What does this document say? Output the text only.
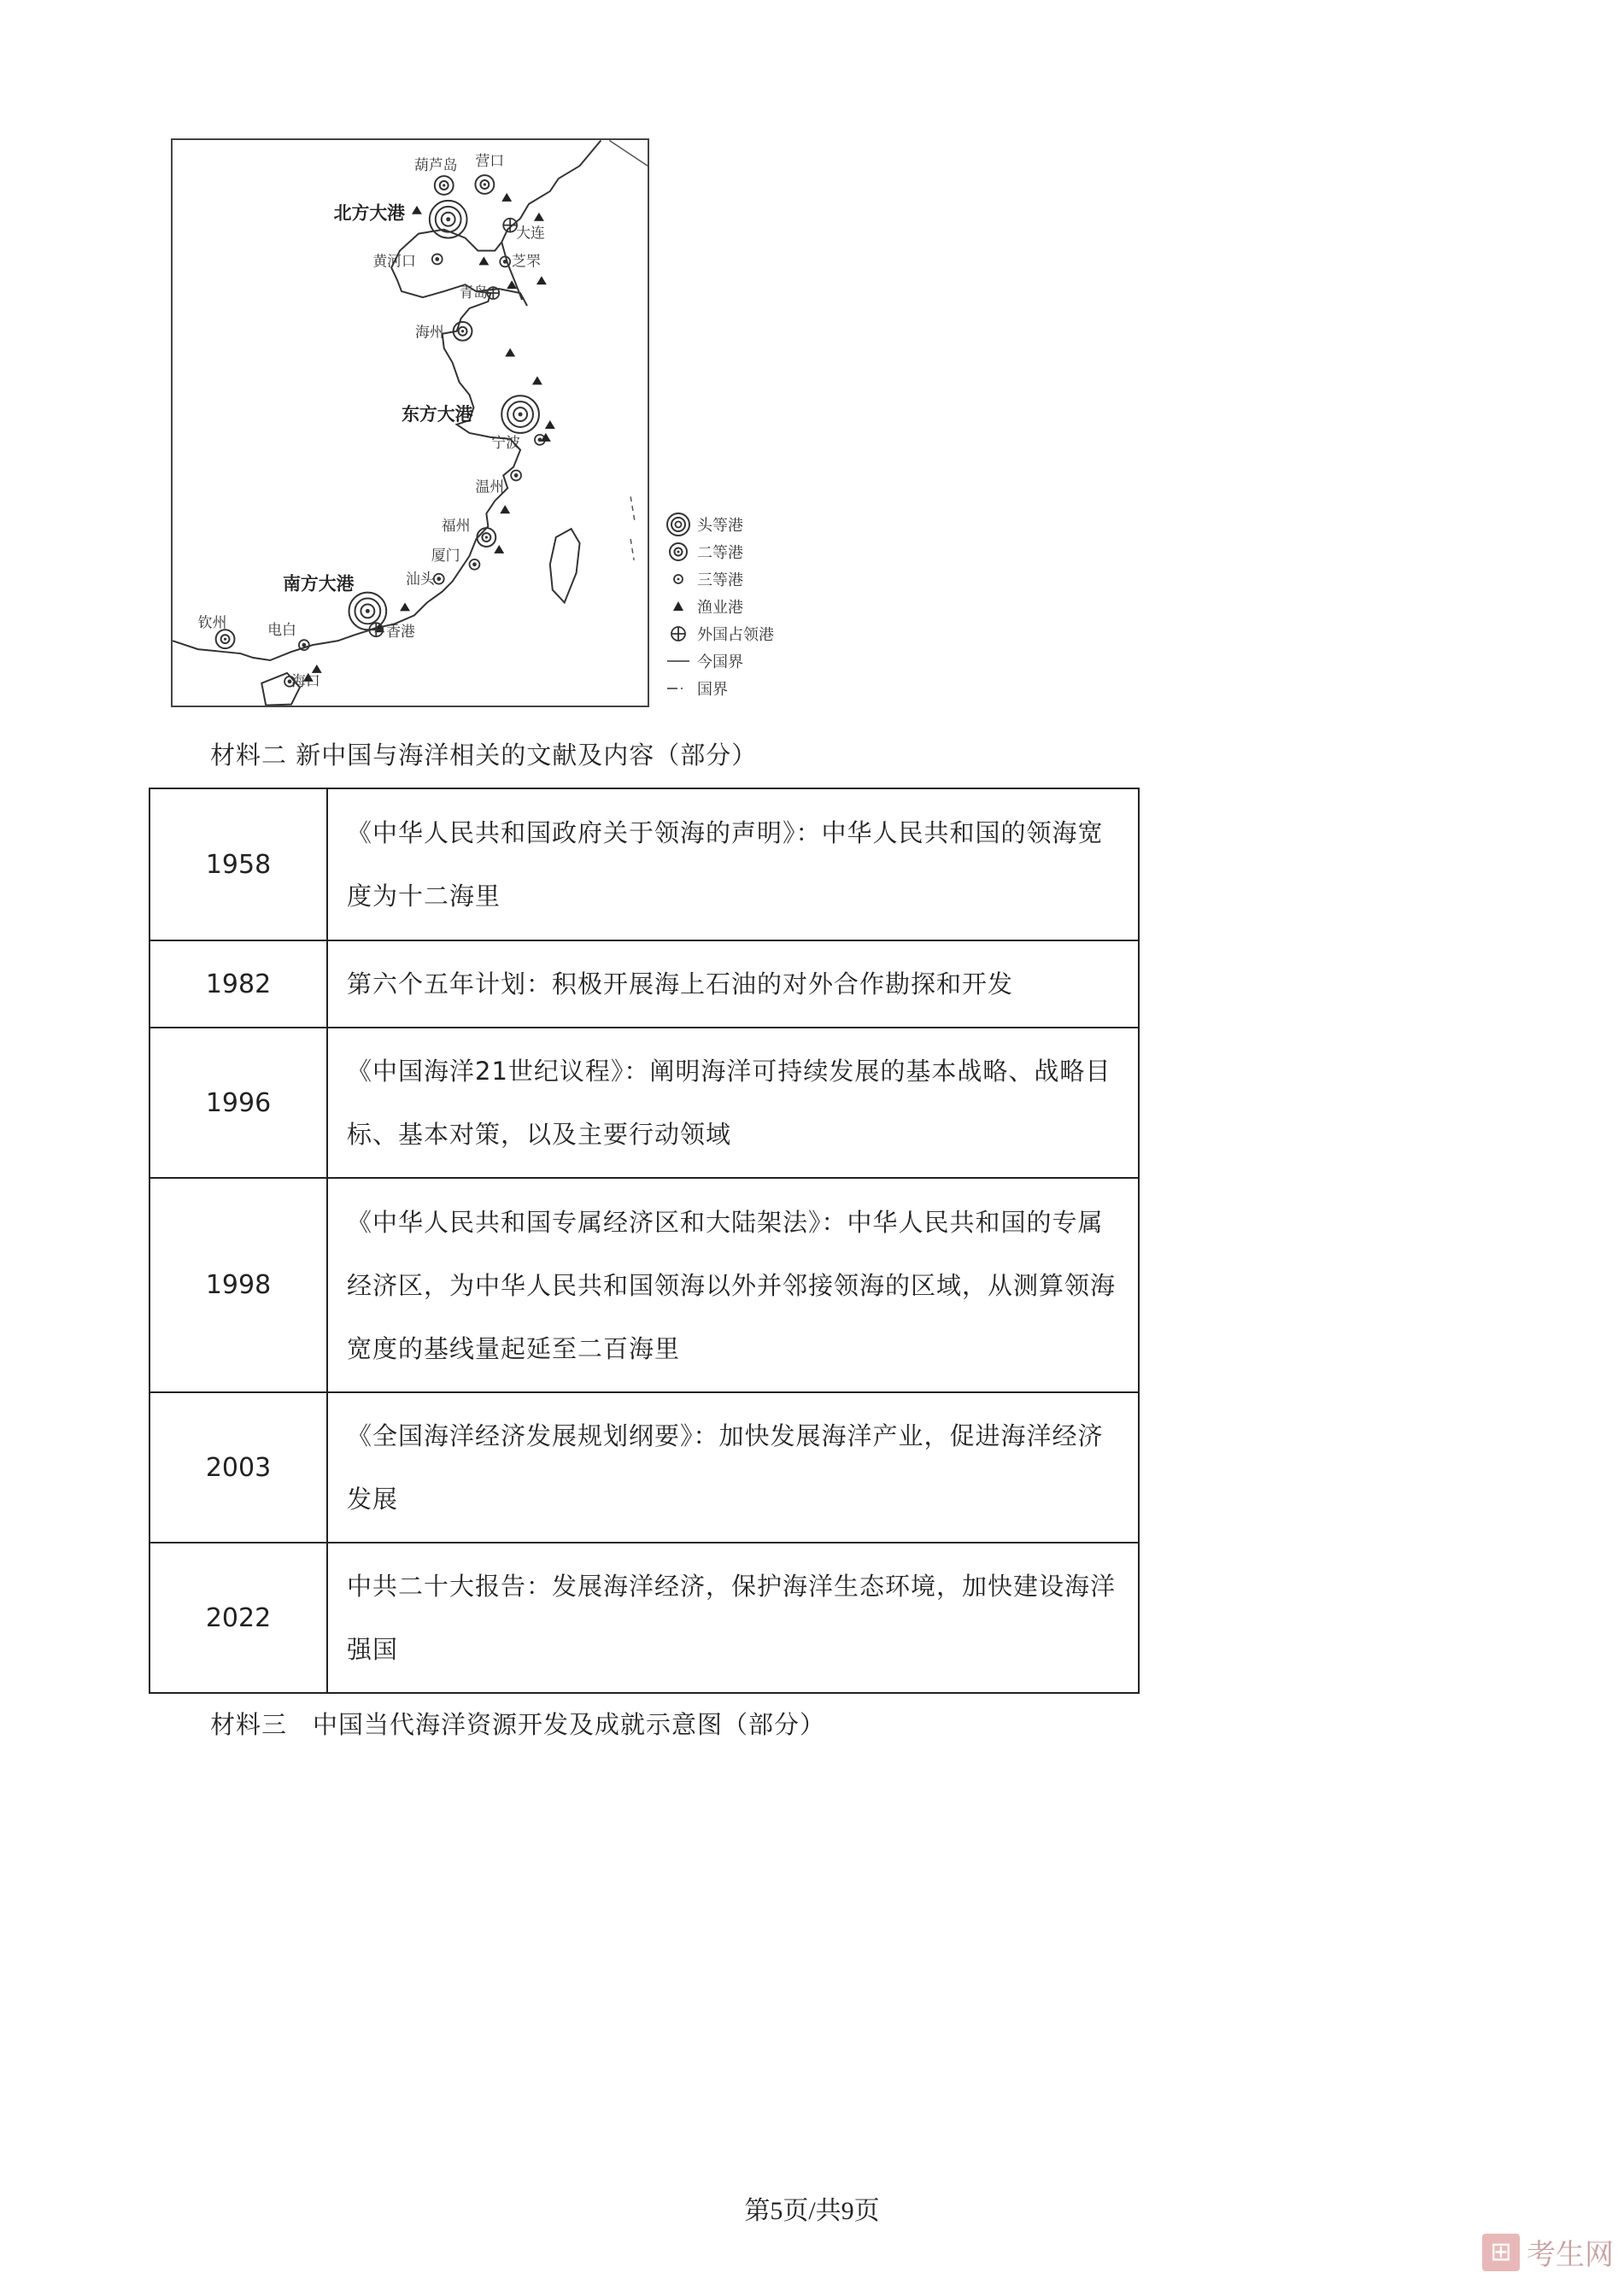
北方大港
东方大港
南方大港
葫芦岛 营口
大连
黄河口	芝罘
青岛
海州
宁波
温州
福州
厦门
汕头
香港
钦州	电白
海口
头等港
二等港
三等港
渔业港
外国占领港
今国界
国界
材料二 新中国与海洋相关的文献及内容（部分）
1958	《中华人民共和国政府关于领海的声明》：中华人民共和国的领海宽度为十二海里
1982	第六个五年计划：积极开展海上石油的对外合作勘探和开发
1996	《中国海洋21世纪议程》：阐明海洋可持续发展的基本战略、战略目标、基本对策，以及主要行动领域
1998	《中华人民共和国专属经济区和大陆架法》：中华人民共和国的专属经济区，为中华人民共和国领海以外并邻接领海的区域，从测算领海宽度的基线量起延至二百海里
2003	《全国海洋经济发展规划纲要》：加快发展海洋产业，促进海洋经济发展
2022	中共二十大报告：发展海洋经济，保护海洋生态环境，加快建设海洋强国
材料三　中国当代海洋资源开发及成就示意图（部分）
第5页/共9页
⊞ 考生网
